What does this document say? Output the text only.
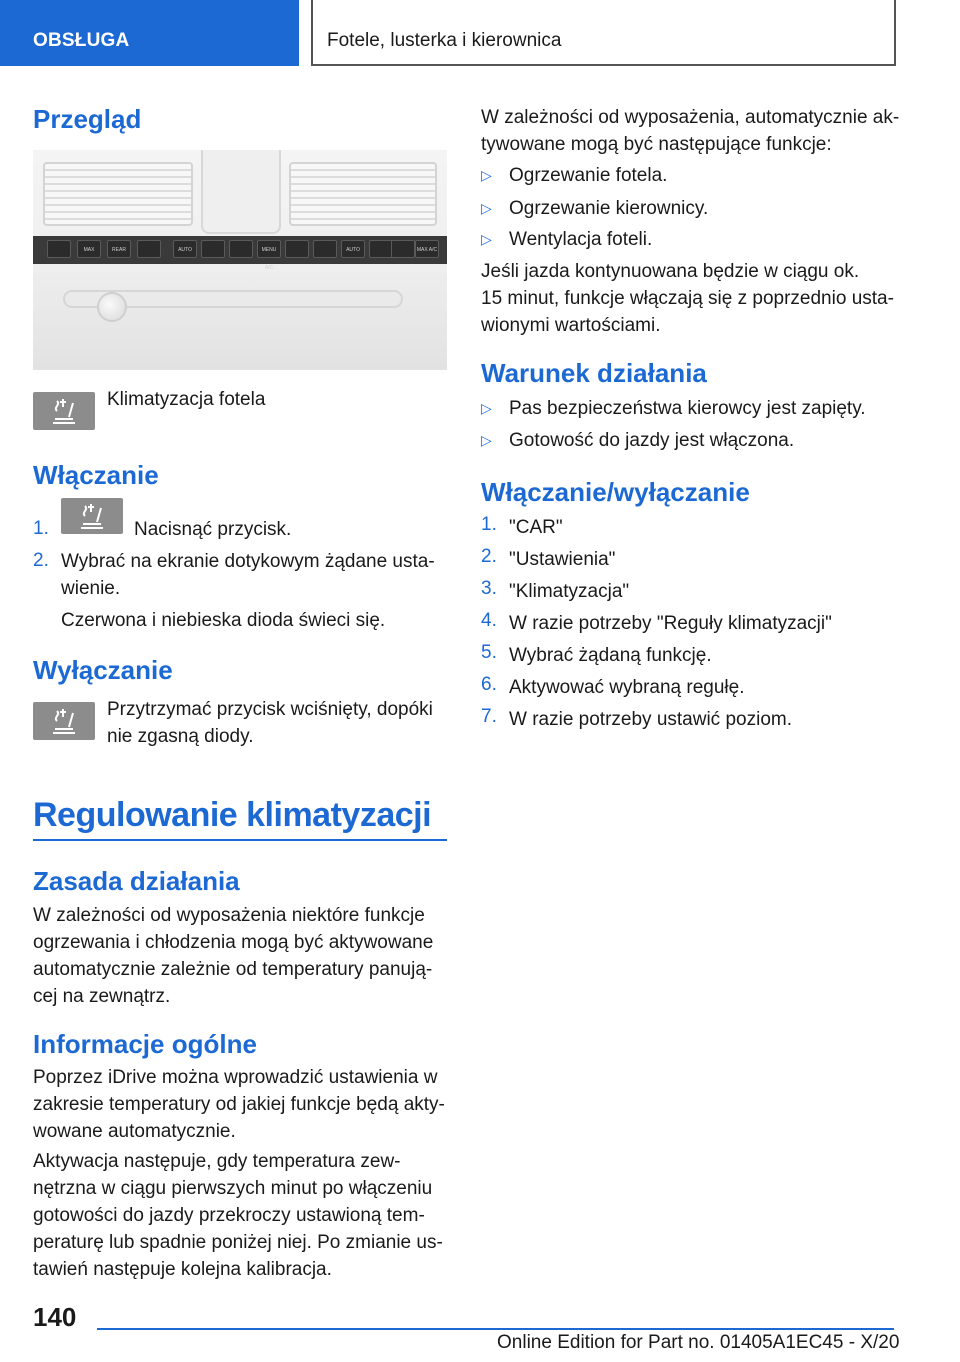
OBSŁUGA	Fotele, lusterka i kierownica
Przegląd
MAX	REAR	AUTO	MENU A/C
AUTO	MAX A/C
Klimatyzacja fotela
Włączanie
1.	Nacisnąć przycisk.
2. Wybrać na ekranie dotykowym żądane usta‐
wienie.
Czerwona i niebieska dioda świeci się.
Wyłączanie
Przytrzymać przycisk wciśnięty, dopóki
nie zgasną diody.
Regulowanie klimatyzacji
Zasada działania
W zależności od wyposażenia niektóre funkcje
ogrzewania i chłodzenia mogą być aktywowane
automatycznie zależnie od temperatury panują‐
cej na zewnątrz.
Informacje ogólne
Poprzez iDrive można wprowadzić ustawienia w
zakresie temperatury od jakiej funkcje będą akty‐
wowane automatycznie.
Aktywacja następuje, gdy temperatura zew‐
nętrzna w ciągu pierwszych minut po włączeniu
gotowości do jazdy przekroczy ustawioną tem‐
peraturę lub spadnie poniżej niej. Po zmianie us‐
tawień następuje kolejna kalibracja.
W zależności od wyposażenia, automatycznie ak‐
tywowane mogą być następujące funkcje:
▷ Ogrzewanie fotela.
▷ Ogrzewanie kierownicy.
▷ Wentylacja foteli.
Jeśli jazda kontynuowana będzie w ciągu ok.
15 minut, funkcje włączają się z poprzednio usta‐
wionymi wartościami.
Warunek działania
▷ Pas bezpieczeństwa kierowcy jest zapięty.
▷ Gotowość do jazdy jest włączona.
Włączanie/wyłączanie
1. "CAR"
2. "Ustawienia"
3. "Klimatyzacja"
4. W razie potrzeby "Reguły klimatyzacji"
5. Wybrać żądaną funkcję.
6. Aktywować wybraną regułę.
7. W razie potrzeby ustawić poziom.
140
Online Edition for Part no. 01405A1EC45 - X/20
